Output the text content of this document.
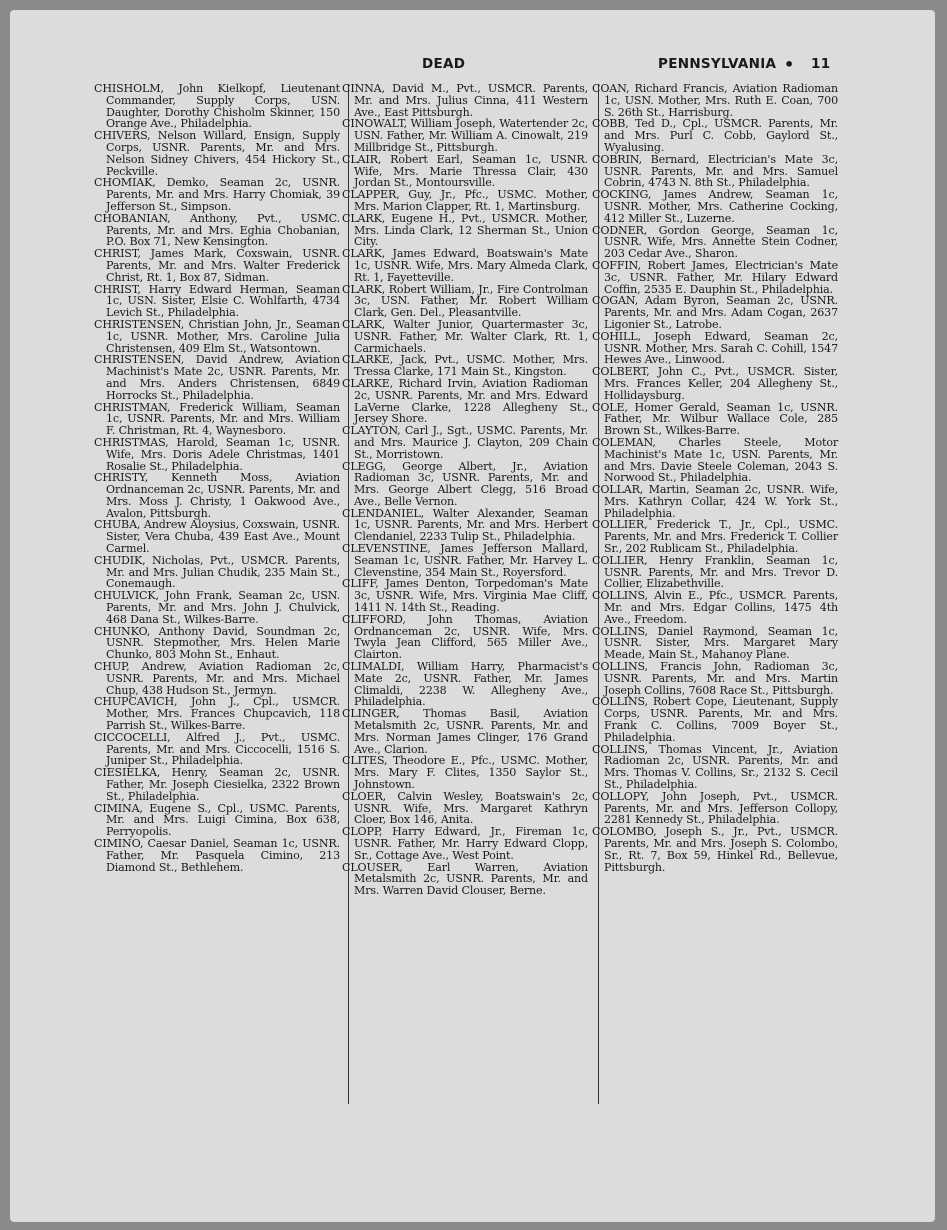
DEAD	PENNSYLVANIA • 11

CHISHOLM, John Kielkopf, Lieutenant Commander, Supply Corps, USN. Daughter, Dorothy Chisholm Skinner, 150 Orange Ave., Philadelphia.

CHIVERS, Nelson Willard, Ensign, Supply Corps, USNR. Parents, Mr. and Mrs. Nelson Sidney Chivers, 454 Hickory St., Peckville.

CHOMIAK, Demko, Seaman 2c, USNR. Parents, Mr. and Mrs. Harry Chomiak, 39 Jefferson St., Simpson.

CHOBANIAN, Anthony, Pvt., USMC. Parents, Mr. and Mrs. Eghia Chobanian, P.O. Box 71, New Kensington.

CHRIST, James Mark, Coxswain, USNR. Parents, Mr. and Mrs. Walter Frederick Christ, Rt. 1, Box 87, Sidman.

CHRIST, Harry Edward Herman, Seaman 1c, USN. Sister, Elsie C. Wohlfarth, 4734 Levich St., Philadelphia.

CHRISTENSEN, Christian John, Jr., Seaman 1c, USNR. Mother, Mrs. Caroline Julia Christensen, 409 Elm St., Watsontown.

CHRISTENSEN, David Andrew, Aviation Machinist's Mate 2c, USNR. Parents, Mr. and Mrs. Anders Christensen, 6849 Horrocks St., Philadelphia.

CHRISTMAN, Frederick William, Seaman 1c, USNR. Parents, Mr. and Mrs. William F. Christman, Rt. 4, Waynesboro.

CHRISTMAS, Harold, Seaman 1c, USNR. Wife, Mrs. Doris Adele Christmas, 1401 Rosalie St., Philadelphia.

CHRISTY, Kenneth Moss, Aviation Ordnanceman 2c, USNR. Parents, Mr. and Mrs. Moss J. Christy, 1 Oakwood Ave., Avalon, Pittsburgh.

CHUBA, Andrew Aloysius, Coxswain, USNR. Sister, Vera Chuba, 439 East Ave., Mount Carmel.

CHUDIK, Nicholas, Pvt., USMCR. Parents, Mr. and Mrs. Julian Chudik, 235 Main St., Conemaugh.

CHULVICK, John Frank, Seaman 2c, USN. Parents, Mr. and Mrs. John J. Chulvick, 468 Dana St., Wilkes-Barre.

CHUNKO, Anthony David, Soundman 2c, USNR. Stepmother, Mrs. Helen Marie Chunko, 803 Mohn St., Enhaut.

CHUP, Andrew, Aviation Radioman 2c, USNR. Parents, Mr. and Mrs. Michael Chup, 438 Hudson St., Jermyn.

CHUPCAVICH, John J., Cpl., USMCR. Mother, Mrs. Frances Chupcavich, 118 Parrish St., Wilkes-Barre.

CICCOCELLI, Alfred J., Pvt., USMC. Parents, Mr. and Mrs. Ciccocelli, 1516 S. Juniper St., Philadelphia.

CIESIELKA, Henry, Seaman 2c, USNR. Father, Mr. Joseph Ciesielka, 2322 Brown St., Philadelphia.

CIMINA, Eugene S., Cpl., USMC. Parents, Mr. and Mrs. Luigi Cimina, Box 638, Perryopolis.

CIMINO, Caesar Daniel, Seaman 1c, USNR. Father, Mr. Pasquela Cimino, 213 Diamond St., Bethlehem.

CINNA, David M., Pvt., USMCR. Parents, Mr. and Mrs. Julius Cinna, 411 Western Ave., East Pittsburgh.

CINOWALT, William Joseph, Watertender 2c, USN. Father, Mr. William A. Cinowalt, 219 Millbridge St., Pittsburgh.

CLAIR, Robert Earl, Seaman 1c, USNR. Wife, Mrs. Marie Thressa Clair, 430 Jordan St., Montoursville.

CLAPPER, Guy, Jr., Pfc., USMC. Mother, Mrs. Marion Clapper, Rt. 1, Martinsburg.

CLARK, Eugene H., Pvt., USMCR. Mother, Mrs. Linda Clark, 12 Sherman St., Union City.

CLARK, James Edward, Boatswain's Mate 1c, USNR. Wife, Mrs. Mary Almeda Clark, Rt. 1, Fayetteville.

CLARK, Robert William, Jr., Fire Controlman 3c, USN. Father, Mr. Robert William Clark, Gen. Del., Pleasantville.

CLARK, Walter Junior, Quartermaster 3c, USNR. Father, Mr. Walter Clark, Rt. 1, Carmichaels.

CLARKE, Jack, Pvt., USMC. Mother, Mrs. Tressa Clarke, 171 Main St., Kingston.

CLARKE, Richard Irvin, Aviation Radioman 2c, USNR. Parents, Mr. and Mrs. Edward LaVerne Clarke, 1228 Allegheny St., Jersey Shore.

CLAYTON, Carl J., Sgt., USMC. Parents, Mr. and Mrs. Maurice J. Clayton, 209 Chain St., Morristown.

CLEGG, George Albert, Jr., Aviation Radioman 3c, USNR. Parents, Mr. and Mrs. George Albert Clegg, 516 Broad Ave., Belle Vernon.

CLENDANIEL, Walter Alexander, Seaman 1c, USNR. Parents, Mr. and Mrs. Herbert Clendaniel, 2233 Tulip St., Philadelphia.

CLEVENSTINE, James Jefferson Mallard, Seaman 1c, USNR. Father, Mr. Harvey L. Clevenstine, 354 Main St., Royersford.

CLIFF, James Denton, Torpedoman's Mate 3c, USNR. Wife, Mrs. Virginia Mae Cliff, 1411 N. 14th St., Reading.

CLIFFORD, John Thomas, Aviation Ordnanceman 2c, USNR. Wife, Mrs. Twyla Jean Clifford, 565 Miller Ave., Clairton.

CLIMALDI, William Harry, Pharmacist's Mate 2c, USNR. Father, Mr. James Climaldi, 2238 W. Allegheny Ave., Philadelphia.

CLINGER, Thomas Basil, Aviation Metalsmith 2c, USNR. Parents, Mr. and Mrs. Norman James Clinger, 176 Grand Ave., Clarion.

CLITES, Theodore E., Pfc., USMC. Mother, Mrs. Mary F. Clites, 1350 Saylor St., Johnstown.

CLOER, Calvin Wesley, Boatswain's 2c, USNR. Wife, Mrs. Margaret Kathryn Cloer, Box 146, Anita.

CLOPP, Harry Edward, Jr., Fireman 1c, USNR. Father, Mr. Harry Edward Clopp, Sr., Cottage Ave., West Point.

CLOUSER, Earl Warren, Aviation Metalsmith 2c, USNR. Parents, Mr. and Mrs. Warren David Clouser, Berne.

COAN, Richard Francis, Aviation Radioman 1c, USN. Mother, Mrs. Ruth E. Coan, 700 S. 26th St., Harrisburg.

COBB, Ted D., Cpl., USMCR. Parents, Mr. and Mrs. Purl C. Cobb, Gaylord St., Wyalusing.

COBRIN, Bernard, Electrician's Mate 3c, USNR. Parents, Mr. and Mrs. Samuel Cobrin, 4743 N. 8th St., Philadelphia.

COCKING, James Andrew, Seaman 1c, USNR. Mother, Mrs. Catherine Cocking, 412 Miller St., Luzerne.

CODNER, Gordon George, Seaman 1c, USNR. Wife, Mrs. Annette Stein Codner, 203 Cedar Ave., Sharon.

COFFIN, Robert James, Electrician's Mate 3c, USNR. Father, Mr. Hilary Edward Coffin, 2535 E. Dauphin St., Philadelphia.

COGAN, Adam Byron, Seaman 2c, USNR. Parents, Mr. and Mrs. Adam Cogan, 2637 Ligonier St., Latrobe.

COHILL, Joseph Edward, Seaman 2c, USNR. Mother, Mrs. Sarah C. Cohill, 1547 Hewes Ave., Linwood.

COLBERT, John C., Pvt., USMCR. Sister, Mrs. Frances Keller, 204 Allegheny St., Hollidaysburg.

COLE, Homer Gerald, Seaman 1c, USNR. Father, Mr. Wilbur Wallace Cole, 285 Brown St., Wilkes-Barre.

COLEMAN, Charles Steele, Motor Machinist's Mate 1c, USN. Parents, Mr. and Mrs. Davie Steele Coleman, 2043 S. Norwood St., Philadelphia.

COLLAR, Martin, Seaman 2c, USNR. Wife, Mrs. Kathryn Collar, 424 W. York St., Philadelphia.

COLLIER, Frederick T., Jr., Cpl., USMC. Parents, Mr. and Mrs. Frederick T. Collier Sr., 202 Rublicam St., Philadelphia.

COLLIER, Henry Franklin, Seaman 1c, USNR. Parents, Mr. and Mrs. Trevor D. Collier, Elizabethville.

COLLINS, Alvin E., Pfc., USMCR. Parents, Mr. and Mrs. Edgar Collins, 1475 4th Ave., Freedom.

COLLINS, Daniel Raymond, Seaman 1c, USNR. Sister, Mrs. Margaret Mary Meade, Main St., Mahanoy Plane.

COLLINS, Francis John, Radioman 3c, USNR. Parents, Mr. and Mrs. Martin Joseph Collins, 7608 Race St., Pittsburgh.

COLLINS, Robert Cope, Lieutenant, Supply Corps, USNR. Parents, Mr. and Mrs. Frank C. Collins, 7009 Boyer St., Philadelphia.

COLLINS, Thomas Vincent, Jr., Aviation Radioman 2c, USNR. Parents, Mr. and Mrs. Thomas V. Collins, Sr., 2132 S. Cecil St., Philadelphia.

COLLOPY, John Joseph, Pvt., USMCR. Parents, Mr. and Mrs. Jefferson Collopy, 2281 Kennedy St., Philadelphia.

COLOMBO, Joseph S., Jr., Pvt., USMCR. Parents, Mr. and Mrs. Joseph S. Colombo, Sr., Rt. 7, Box 59, Hinkel Rd., Bellevue, Pittsburgh.
